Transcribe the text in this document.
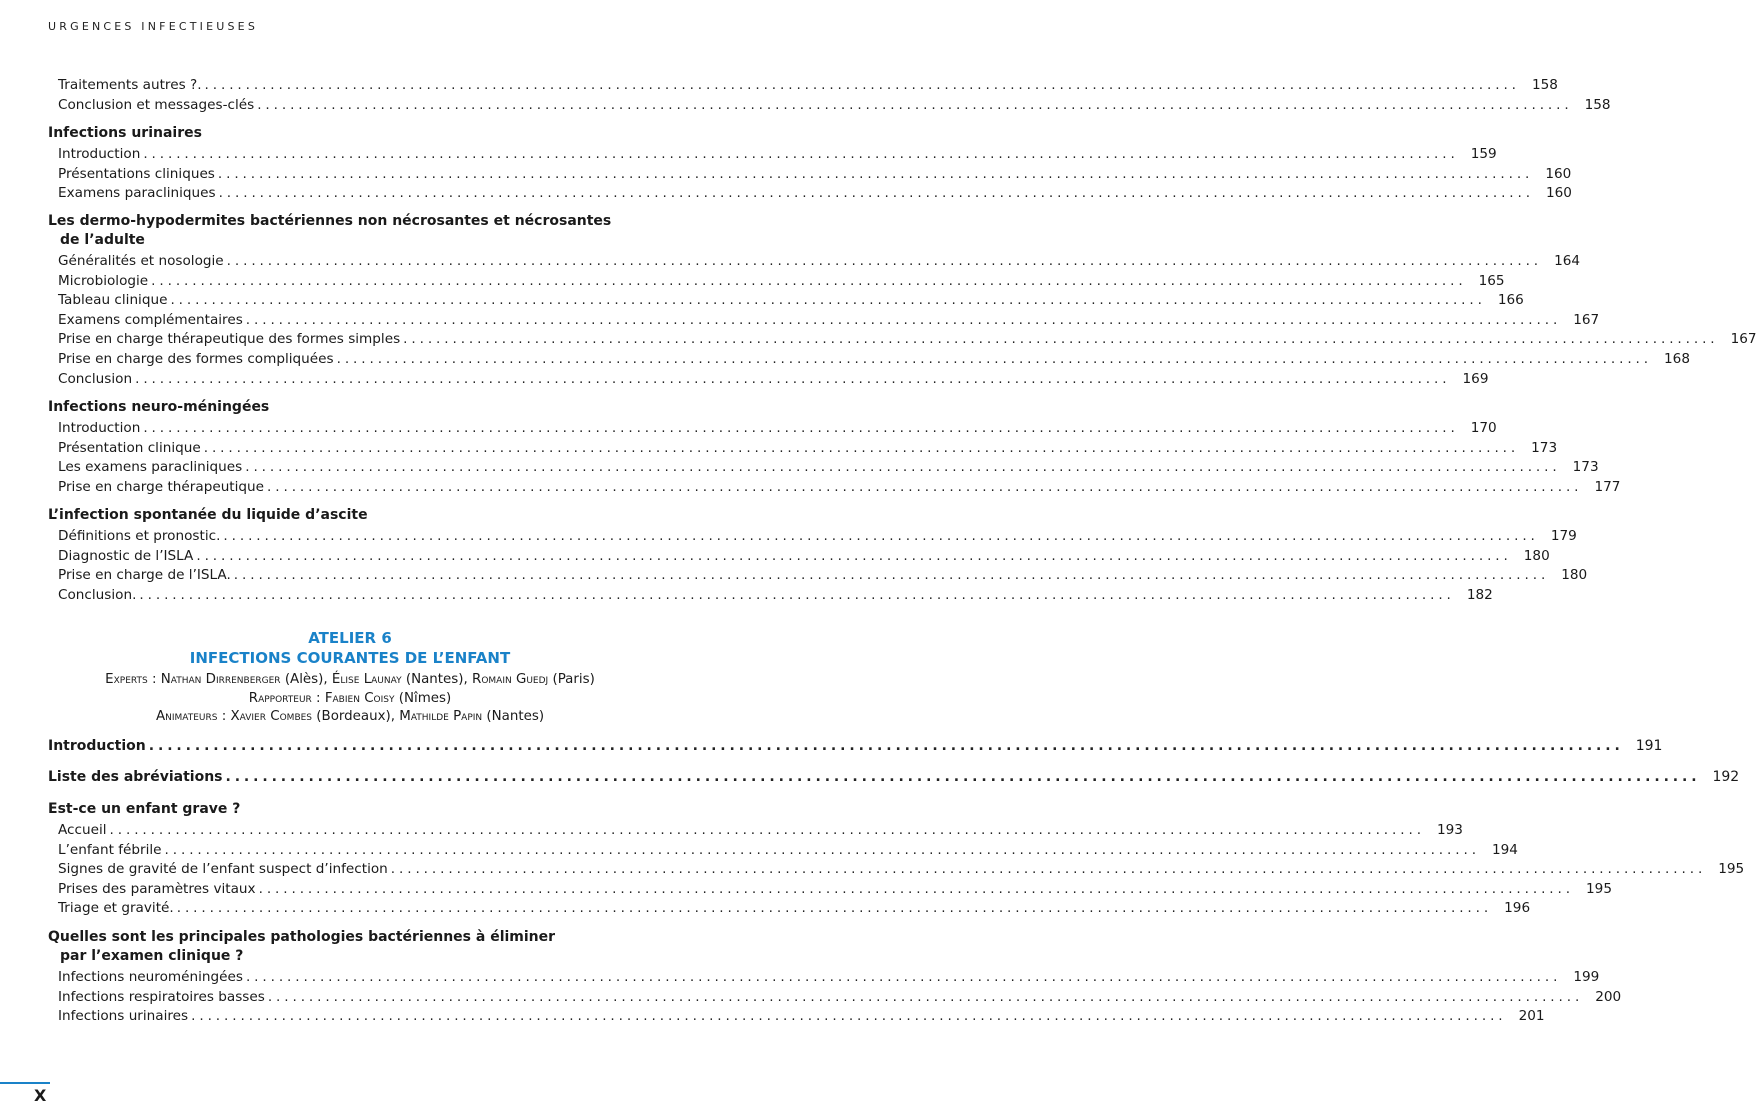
URGENCES INFECTIEUSES
Traitements autres ?. ................................................................................................................................................................ 158
Conclusion et messages-clés ................................................................................................................................................................ 158
Infections urinaires
Introduction ................................................................................................................................................................ 159
Présentations cliniques ................................................................................................................................................................ 160
Examens paracliniques ................................................................................................................................................................ 160
Les dermo-hypodermites bactériennes non nécrosantes et nécrosantes
de l’adulte
Généralités et nosologie ................................................................................................................................................................ 164
Microbiologie ................................................................................................................................................................ 165
Tableau clinique ................................................................................................................................................................ 166
Examens complémentaires ................................................................................................................................................................ 167
Prise en charge thérapeutique des formes simples ................................................................................................................................................................ 167
Prise en charge des formes compliquées ................................................................................................................................................................ 168
Conclusion ................................................................................................................................................................ 169
Infections neuro-méningées
Introduction ................................................................................................................................................................ 170
Présentation clinique ................................................................................................................................................................ 173
Les examens paracliniques ................................................................................................................................................................ 173
Prise en charge thérapeutique ................................................................................................................................................................ 177
L’infection spontanée du liquide d’ascite
Définitions et pronostic. ................................................................................................................................................................ 179
Diagnostic de l’ISLA ................................................................................................................................................................ 180
Prise en charge de l’ISLA. ................................................................................................................................................................ 180
Conclusion. ................................................................................................................................................................ 182
ATELIER 6
INFECTIONS COURANTES DE L’ENFANT
Experts : Nathan Dirrenberger (Alès), Élise Launay (Nantes), Romain Guedj (Paris)
Rapporteur : Fabien Coisy (Nîmes)
Animateurs : Xavier Combes (Bordeaux), Mathilde Papin (Nantes)
Introduction ................................................................................................................................................................ 191
Liste des abréviations ................................................................................................................................................................ 192
Est-ce un enfant grave ?
Accueil ................................................................................................................................................................ 193
L’enfant fébrile ................................................................................................................................................................ 194
Signes de gravité de l’enfant suspect d’infection ................................................................................................................................................................ 195
Prises des paramètres vitaux ................................................................................................................................................................ 195
Triage et gravité. ................................................................................................................................................................ 196
Quelles sont les principales pathologies bactériennes à éliminer
par l’examen clinique ?
Infections neuroméningées ................................................................................................................................................................ 199
Infections respiratoires basses ................................................................................................................................................................ 200
Infections urinaires ................................................................................................................................................................ 201
X
